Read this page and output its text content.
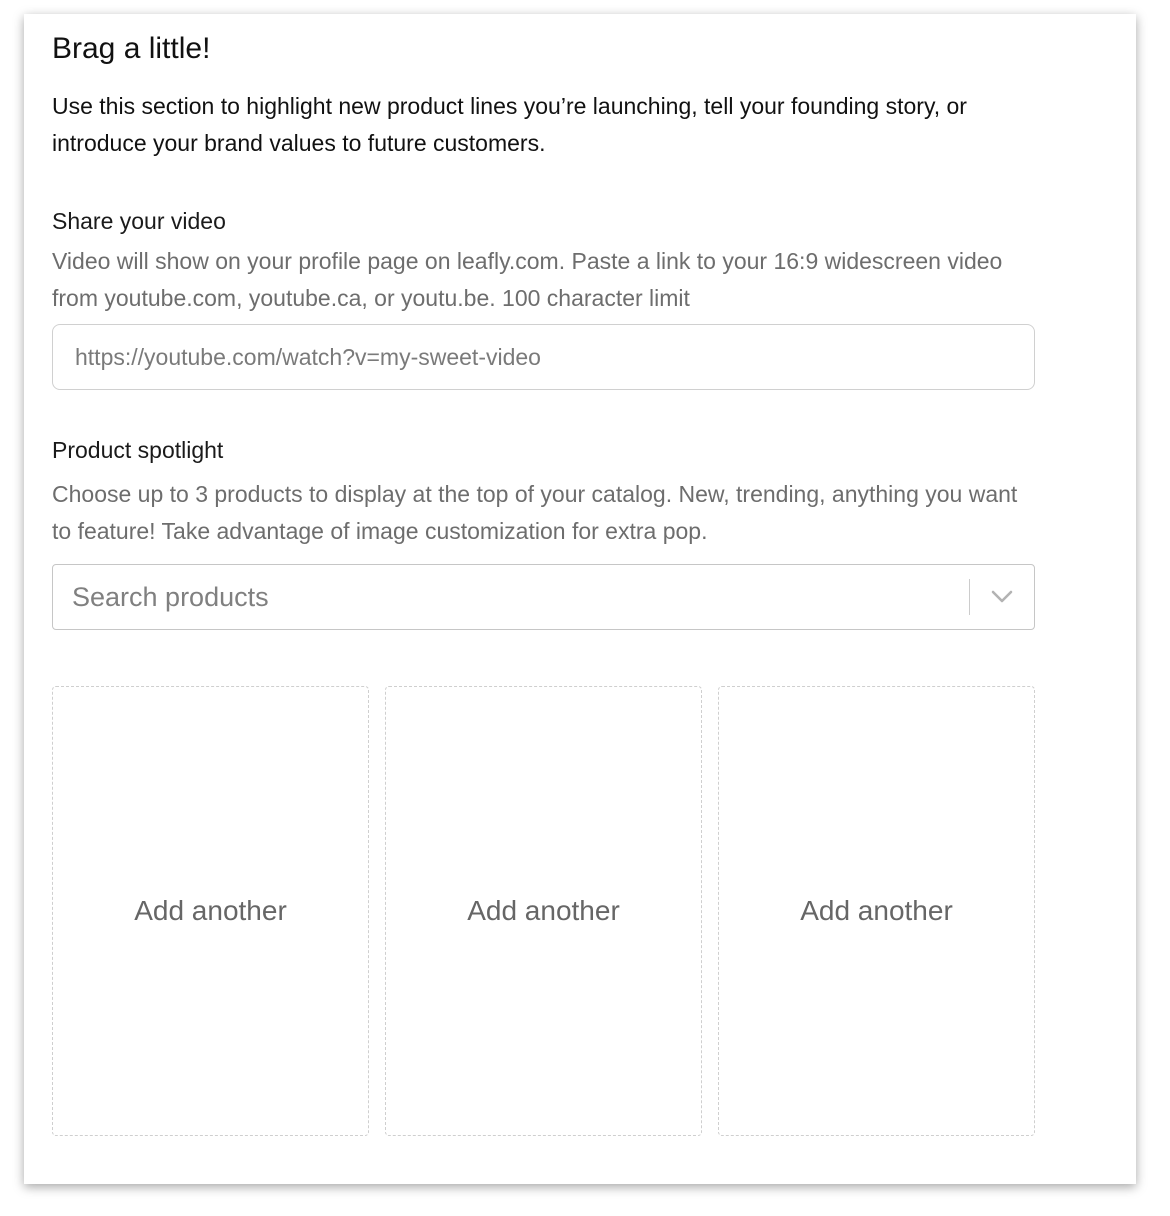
Brag a little!

Use this section to highlight new product lines you’re launching, tell your founding story, or introduce your brand values to future customers.

Share your video

Video will show on your profile page on leafly.com. Paste a link to your 16:9 widescreen video from youtube.com, youtube.ca, or youtu.be. 100 character limit

https://youtube.com/watch?v=my-sweet-video

Product spotlight

Choose up to 3 products to display at the top of your catalog. New, trending, anything you want to feature! Take advantage of image customization for extra pop.

Search products
Add another	Add another	Add another
